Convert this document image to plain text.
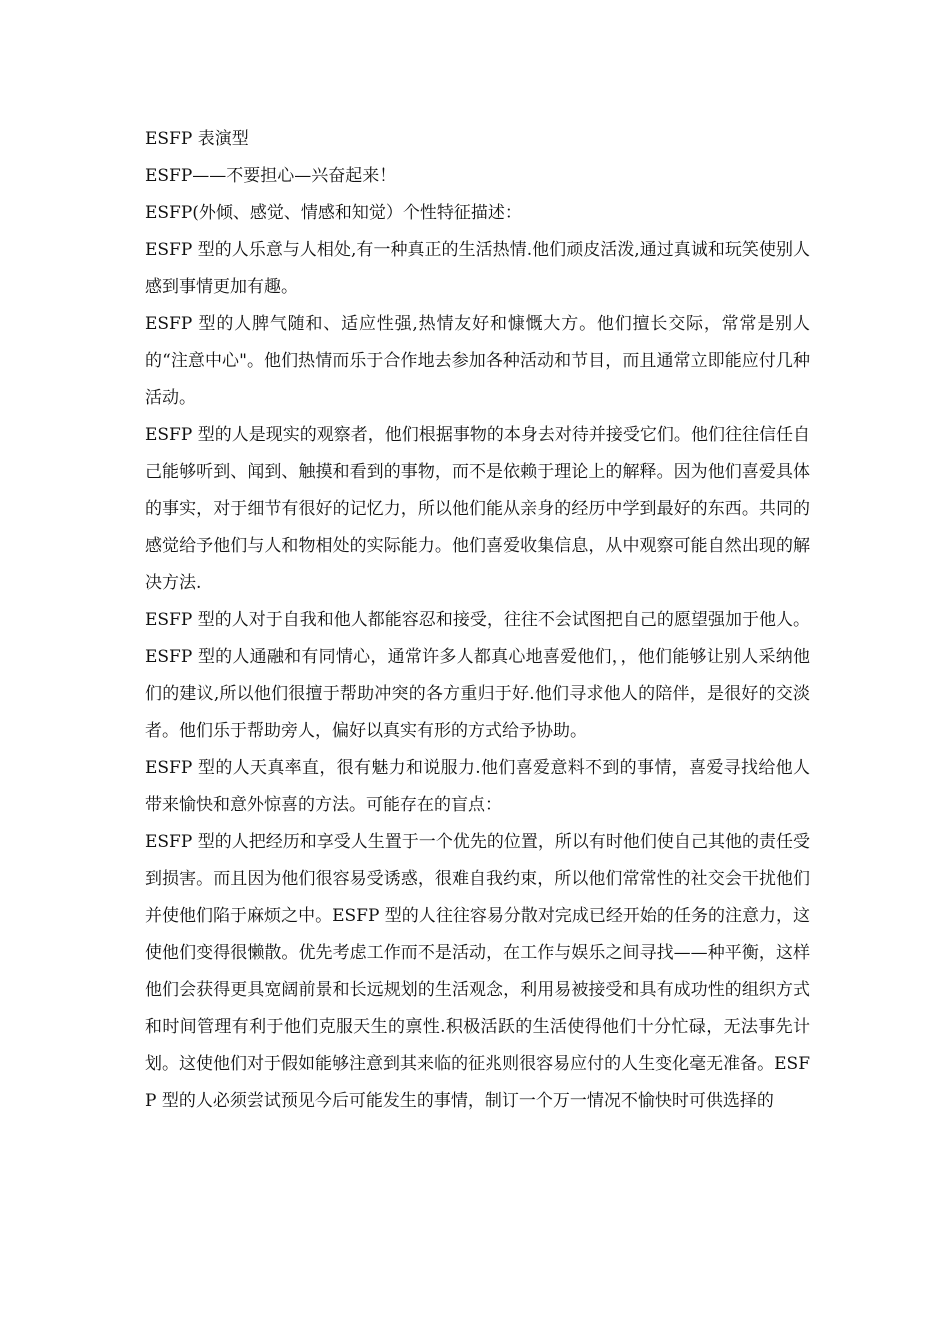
ESFP 表演型

ESFP——不要担心—兴奋起来！

ESFP(外倾、感觉、情感和知觉）个性特征描述：

ESFP 型的人乐意与人相处,有一种真正的生活热情.他们顽皮活泼,通过真诚和玩笑使别人感到事情更加有趣。

ESFP 型的人脾气随和、适应性强,热情友好和慷慨大方。他们擅长交际，常常是别人的“注意中心"。他们热情而乐于合作地去参加各种活动和节目，而且通常立即能应付几种活动。

ESFP 型的人是现实的观察者，他们根据事物的本身去对待并接受它们。他们往往信任自己能够听到、闻到、触摸和看到的事物，而不是依赖于理论上的解释。因为他们喜爱具体的事实，对于细节有很好的记忆力，所以他们能从亲身的经历中学到最好的东西。共同的感觉给予他们与人和物相处的实际能力。他们喜爱收集信息，从中观察可能自然出现的解决方法.

ESFP 型的人对于自我和他人都能容忍和接受，往往不会试图把自己的愿望强加于他人。ESFP 型的人通融和有同情心，通常许多人都真心地喜爱他们，，他们能够让别人采纳他们的建议,所以他们很擅于帮助冲突的各方重归于好.他们寻求他人的陪伴，是很好的交淡者。他们乐于帮助旁人，偏好以真实有形的方式给予协助。

ESFP 型的人天真率直，很有魅力和说服力.他们喜爱意料不到的事情，喜爱寻找给他人带来愉快和意外惊喜的方法。可能存在的盲点：

ESFP 型的人把经历和享受人生置于一个优先的位置，所以有时他们使自己其他的责任受到损害。而且因为他们很容易受诱惑，很难自我约束，所以他们常常性的社交会干扰他们并使他们陷于麻烦之中。ESFP 型的人往往容易分散对完成已经开始的任务的注意力，这使他们变得很懒散。优先考虑工作而不是活动，在工作与娱乐之间寻找——种平衡，这样他们会获得更具宽阔前景和长远规划的生活观念，利用易被接受和具有成功性的组织方式和时间管理有利于他们克服天生的禀性.积极活跃的生活使得他们十分忙碌，无法事先计划。这使他们对于假如能够注意到其来临的征兆则很容易应付的人生变化毫无准备。ESFP 型的人必须尝试预见今后可能发生的事情，制订一个万一情况不愉快时可供选择的
